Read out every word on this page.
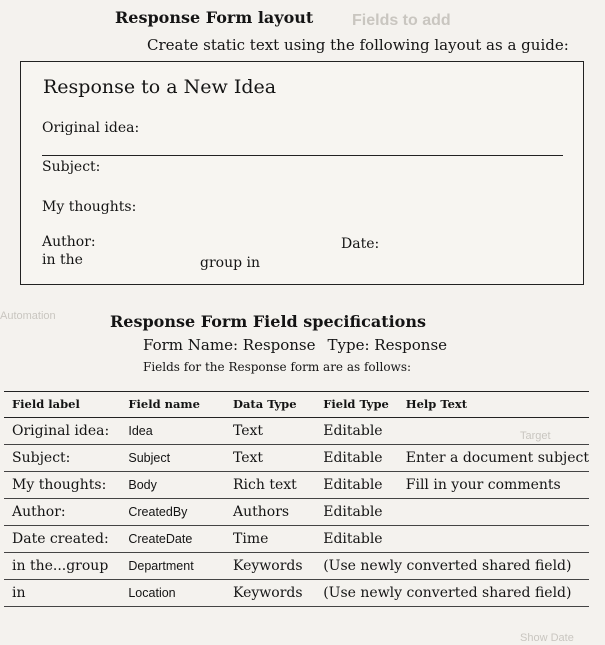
Fields to add
Automation
Target
Show Date
Response Form layout
Create static text using the following layout as a guide:
Response to a New Idea
Original idea:
Subject:
My thoughts:
Author:	Date:
in the	group in
Response Form Field specifications
Form Name: Response Type: Response
Fields for the Response form are as follows:
Field label	Field name	Data Type	Field Type	Help Text
Original idea:	Idea	Text	Editable	
Subject:	Subject	Text	Editable	Enter a document subject
My thoughts:	Body	Rich text	Editable	Fill in your comments
Author:	CreatedBy	Authors	Editable	
Date created:	CreateDate	Time	Editable	
in the...group	Department	Keywords	(Use newly converted shared field)	
in	Location	Keywords	(Use newly converted shared field)	
